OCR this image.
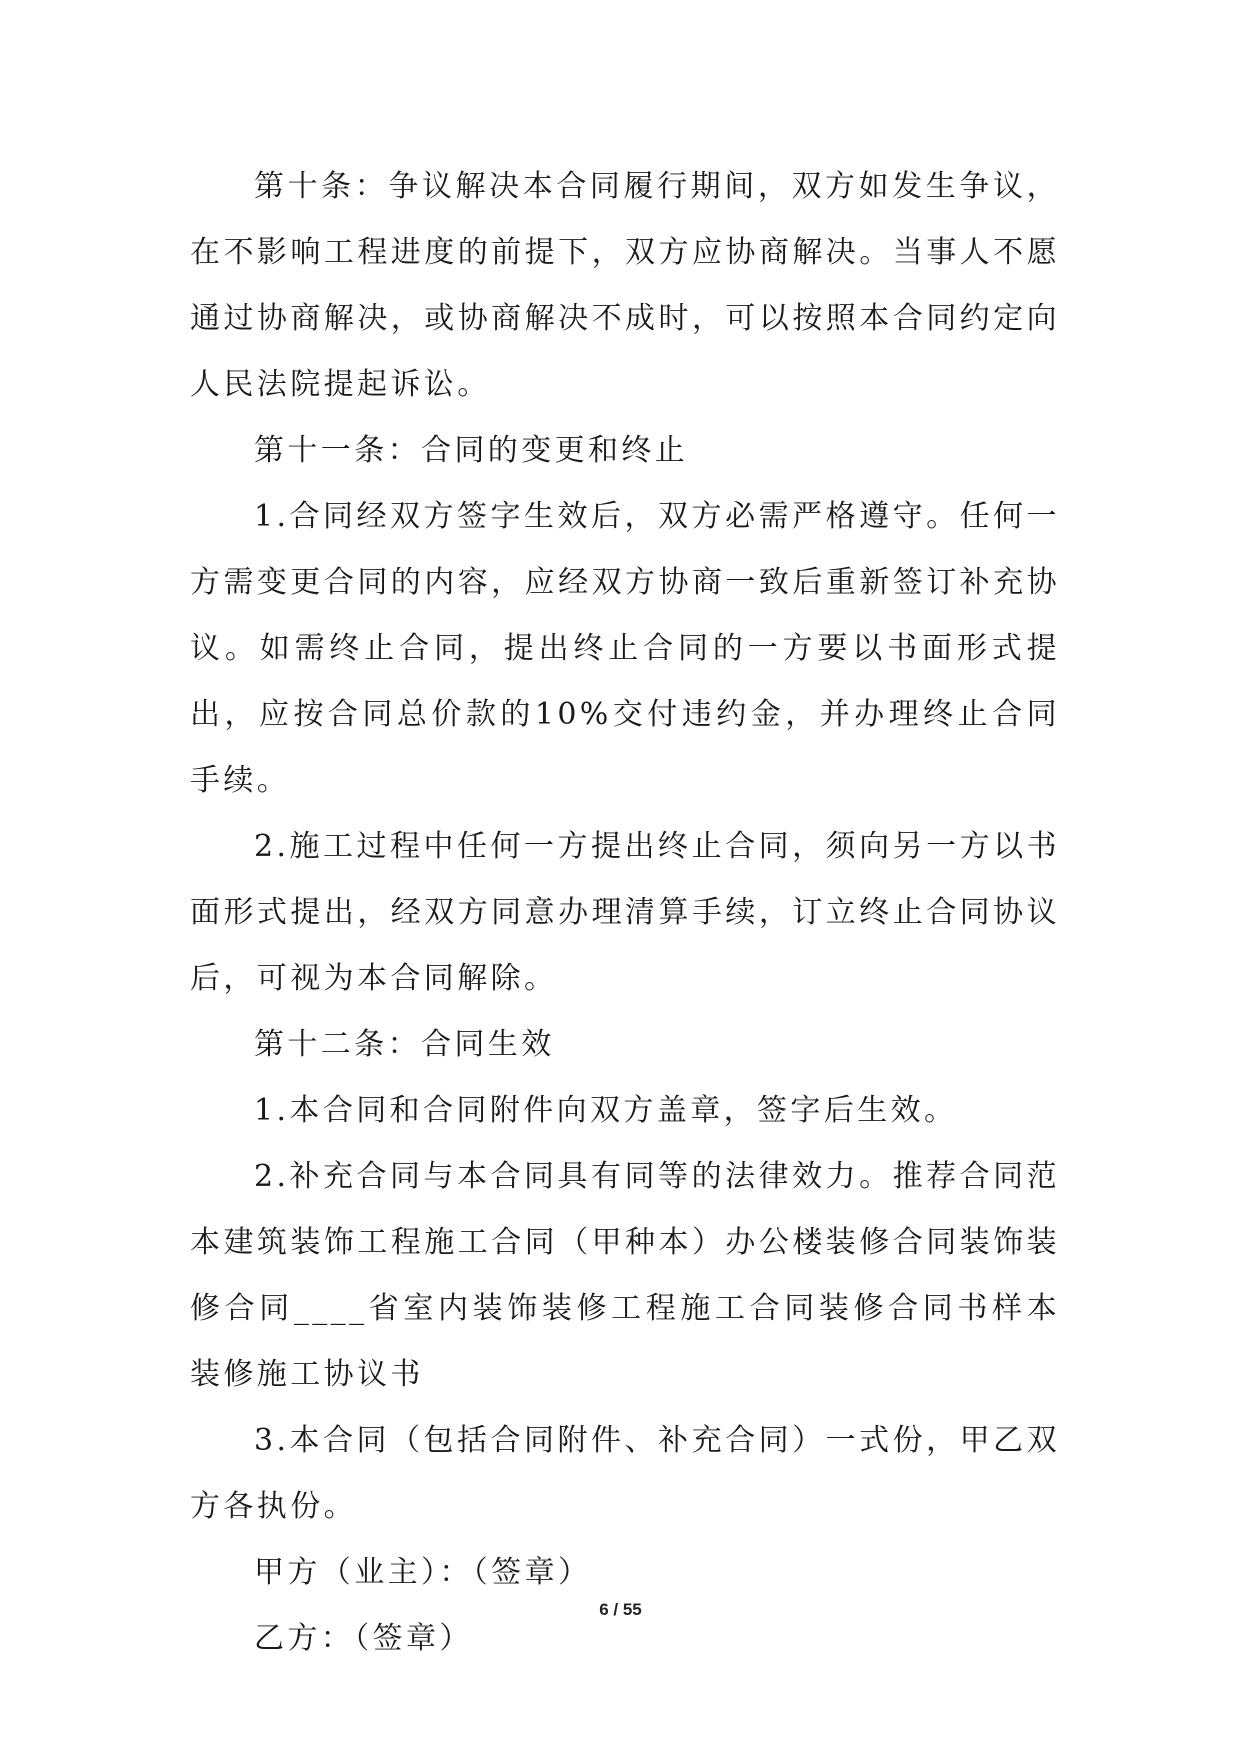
第十条：争议解决本合同履行期间，双方如发生争议，在不影响工程进度的前提下，双方应协商解决。当事人不愿通过协商解决，或协商解决不成时，可以按照本合同约定向人民法院提起诉讼。

第十一条：合同的变更和终止

1.合同经双方签字生效后，双方必需严格遵守。任何一方需变更合同的内容，应经双方协商一致后重新签订补充协议。如需终止合同，提出终止合同的一方要以书面形式提出，应按合同总价款的10%交付违约金，并办理终止合同手续。

2.施工过程中任何一方提出终止合同，须向另一方以书面形式提出，经双方同意办理清算手续，订立终止合同协议后，可视为本合同解除。

第十二条：合同生效

1.本合同和合同附件向双方盖章，签字后生效。

2.补充合同与本合同具有同等的法律效力。推荐合同范本建筑装饰工程施工合同（甲种本）办公楼装修合同装饰装修合同____省室内装饰装修工程施工合同装修合同书样本装修施工协议书

3.本合同（包括合同附件、补充合同）一式份，甲乙双方各执份。

甲方（业主）：（签章）

乙方：（签章）

6 / 55
